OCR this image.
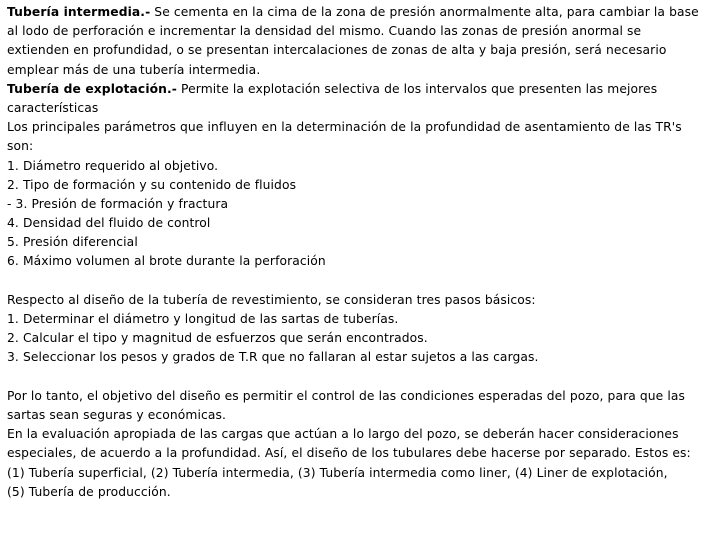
Tubería intermedia.- Se cementa en la cima de la zona de presión anormalmente alta, para cambiar la base
al lodo de perforación e incrementar la densidad del mismo. Cuando las zonas de presión anormal se
extienden en profundidad, o se presentan intercalaciones de zonas de alta y baja presión, será necesario
emplear más de una tubería intermedia.
Tubería de explotación.- Permite la explotación selectiva de los intervalos que presenten las mejores
características
Los principales parámetros que influyen en la determinación de la profundidad de asentamiento de las TR's
son:
1. Diámetro requerido al objetivo.
2. Tipo de formación y su contenido de fluidos
- 3. Presión de formación y fractura
4. Densidad del fluido de control
5. Presión diferencial
6. Máximo volumen al brote durante la perforación
Respecto al diseño de la tubería de revestimiento, se consideran tres pasos básicos:
1. Determinar el diámetro y longitud de las sartas de tuberías.
2. Calcular el tipo y magnitud de esfuerzos que serán encontrados.
3. Seleccionar los pesos y grados de T.R que no fallaran al estar sujetos a las cargas.
Por lo tanto, el objetivo del diseño es permitir el control de las condiciones esperadas del pozo, para que las
sartas sean seguras y económicas.
En la evaluación apropiada de las cargas que actúan a lo largo del pozo, se deberán hacer consideraciones
especiales, de acuerdo a la profundidad. Así, el diseño de los tubulares debe hacerse por separado. Estos es:
(1) Tubería superficial, (2) Tubería intermedia, (3) Tubería intermedia como liner, (4) Liner de explotación,
(5) Tubería de producción.
